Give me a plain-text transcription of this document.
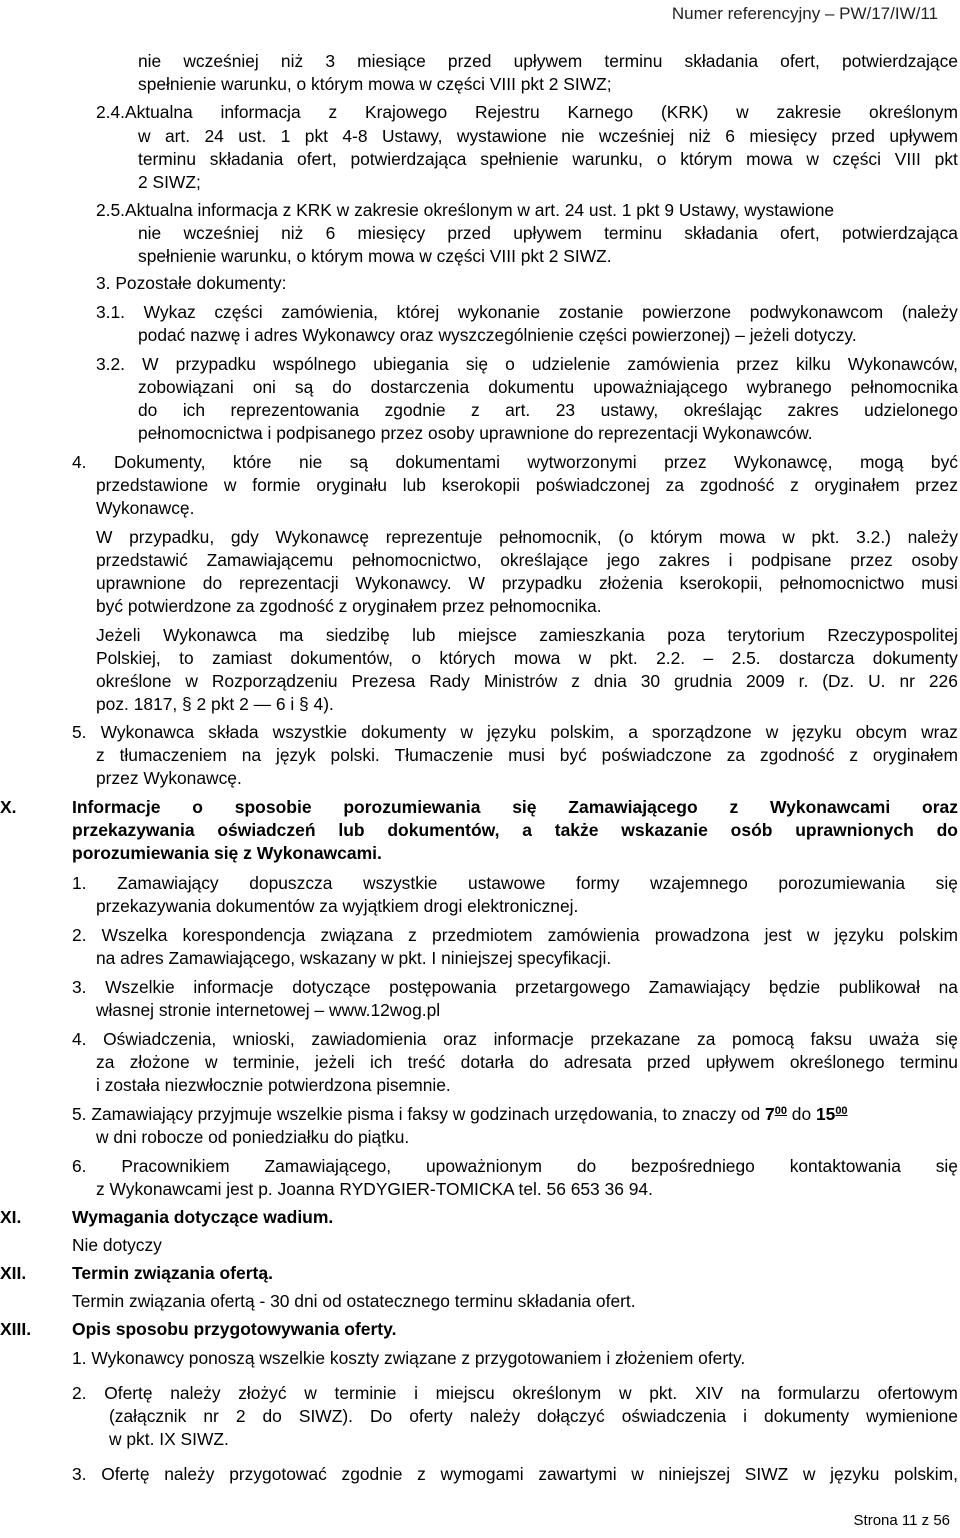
Numer referencyjny – PW/17/IW/11
nie wcześniej niż 3 miesiące przed upływem terminu składania ofert, potwierdzające
spełnienie warunku, o którym mowa w części VIII pkt 2 SIWZ;
2.4.Aktualna informacja z Krajowego Rejestru Karnego (KRK) w zakresie określonym
w art. 24 ust. 1 pkt 4-8 Ustawy, wystawione nie wcześniej niż 6 miesięcy przed upływem
terminu składania ofert, potwierdzająca spełnienie warunku, o którym mowa w części VIII pkt
2 SIWZ;
2.5.Aktualna informacja z KRK w zakresie określonym w art. 24 ust. 1 pkt 9 Ustawy, wystawione
nie wcześniej niż 6 miesięcy przed upływem terminu składania ofert, potwierdzająca
spełnienie warunku, o którym mowa w części VIII pkt 2 SIWZ.
3. Pozostałe dokumenty:
3.1. Wykaz części zamówienia, której wykonanie zostanie powierzone podwykonawcom (należy
podać nazwę i adres Wykonawcy oraz wyszczególnienie części powierzonej) – jeżeli dotyczy.
3.2. W przypadku wspólnego ubiegania się o udzielenie zamówienia przez kilku Wykonawców,
zobowiązani oni są do dostarczenia dokumentu upoważniającego wybranego pełnomocnika
do ich reprezentowania zgodnie z art. 23 ustawy, określając zakres udzielonego
pełnomocnictwa i podpisanego przez osoby uprawnione do reprezentacji Wykonawców.
4. Dokumenty, które nie są dokumentami wytworzonymi przez Wykonawcę, mogą być
przedstawione w formie oryginału lub kserokopii poświadczonej za zgodność z oryginałem przez
Wykonawcę.
W przypadku, gdy Wykonawcę reprezentuje pełnomocnik, (o którym mowa w pkt. 3.2.) należy
przedstawić Zamawiającemu pełnomocnictwo, określające jego zakres i podpisane przez osoby
uprawnione do reprezentacji Wykonawcy. W przypadku złożenia kserokopii, pełnomocnictwo musi
być potwierdzone za zgodność z oryginałem przez pełnomocnika.
Jeżeli Wykonawca ma siedzibę lub miejsce zamieszkania poza terytorium Rzeczypospolitej
Polskiej, to zamiast dokumentów, o których mowa w pkt. 2.2. – 2.5. dostarcza dokumenty
określone w Rozporządzeniu Prezesa Rady Ministrów z dnia 30 grudnia 2009 r. (Dz. U. nr 226
poz. 1817, § 2 pkt 2 — 6 i § 4).
5. Wykonawca składa wszystkie dokumenty w języku polskim, a sporządzone w języku obcym wraz
z tłumaczeniem na język polski. Tłumaczenie musi być poświadczone za zgodność z oryginałem
przez Wykonawcę.
X.	Informacje o sposobie porozumiewania się Zamawiającego z Wykonawcami oraz
przekazywania oświadczeń lub dokumentów, a także wskazanie osób uprawnionych do
porozumiewania się z Wykonawcami.
1. Zamawiający dopuszcza wszystkie ustawowe formy wzajemnego porozumiewania się
przekazywania dokumentów za wyjątkiem drogi elektronicznej.
2. Wszelka korespondencja związana z przedmiotem zamówienia prowadzona jest w języku polskim
na adres Zamawiającego, wskazany w pkt. I niniejszej specyfikacji.
3. Wszelkie informacje dotyczące postępowania przetargowego Zamawiający będzie publikował na
własnej stronie internetowej – www.12wog.pl
4. Oświadczenia, wnioski, zawiadomienia oraz informacje przekazane za pomocą faksu uważa się
za złożone w terminie, jeżeli ich treść dotarła do adresata przed upływem określonego terminu
i została niezwłocznie potwierdzona pisemnie.
5. Zamawiający przyjmuje wszelkie pisma i faksy w godzinach urzędowania, to znaczy od $7^{00}$ do $15^{00}$
w dni robocze od poniedziałku do piątku.
6. Pracownikiem Zamawiającego, upoważnionym do bezpośredniego kontaktowania się
z Wykonawcami jest p. Joanna RYDYGIER-TOMICKA tel. 56 653 36 94.
XI.	Wymagania dotyczące wadium.
Nie dotyczy
XII.	Termin związania ofertą.
Termin związania ofertą - 30 dni od ostatecznego terminu składania ofert.
XIII. Opis sposobu przygotowywania oferty.
1. Wykonawcy ponoszą wszelkie koszty związane z przygotowaniem i złożeniem oferty.
2. Ofertę należy złożyć w terminie i miejscu określonym w pkt. XIV na formularzu ofertowym
(załącznik nr 2 do SIWZ). Do oferty należy dołączyć oświadczenia i dokumenty wymienione
w pkt. IX SIWZ.
3. Ofertę należy przygotować zgodnie z wymogami zawartymi w niniejszej SIWZ w języku polskim,
Strona 11 z 56
